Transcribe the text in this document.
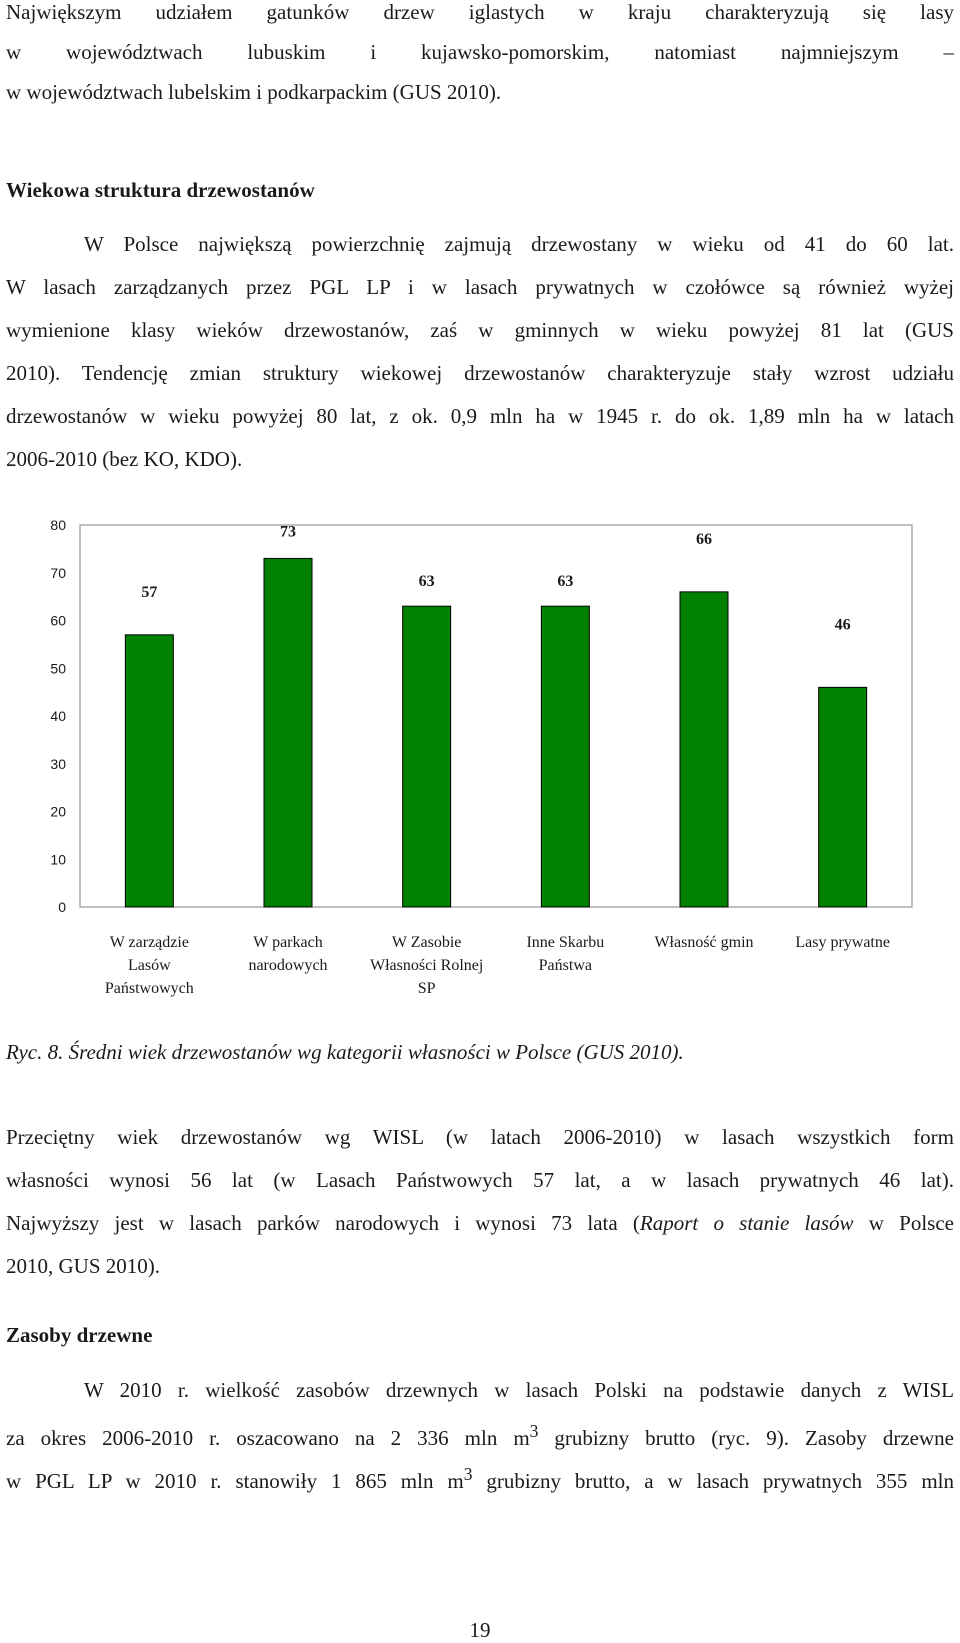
Największym udziałem gatunków drzew iglastych w kraju charakteryzują się lasy

w województwach lubuskim i kujawsko-pomorskim, natomiast najmniejszym –

w województwach lubelskim i podkarpackim (GUS 2010).

Wiekowa struktura drzewostanów

W Polsce największą powierzchnię zajmują drzewostany w wieku od 41 do 60 lat.

W lasach zarządzanych przez PGL LP i w lasach prywatnych w czołówce są również wyżej

wymienione klasy wieków drzewostanów, zaś w gminnych w wieku powyżej 81 lat (GUS

2010). Tendencję zmian struktury wiekowej drzewostanów charakteryzuje stały wzrost udziału

drzewostanów w wieku powyżej 80 lat, z ok. 0,9 mln ha w 1945 r. do ok. 1,89 mln ha w latach

2006-2010 (bez KO, KDO).

0
10
20
30
40
50
60
70
80
57
W zarządzie
Lasów
Państwowych
73
W parkach
narodowych
63
W Zasobie
Własności Rolnej
SP
63
Inne Skarbu
Państwa
66
Własność gmin
46
Lasy prywatne

Ryc. 8. Średni wiek drzewostanów wg kategorii własności w Polsce (GUS 2010).

Przeciętny wiek drzewostanów wg WISL (w latach 2006-2010) w lasach wszystkich form

własności wynosi 56 lat (w Lasach Państwowych 57 lat, a w lasach prywatnych 46 lat).

Najwyższy jest w lasach parków narodowych i wynosi 73 lata (Raport o stanie lasów w Polsce

2010, GUS 2010).

Zasoby drzewne

W 2010 r. wielkość zasobów drzewnych w lasach Polski na podstawie danych z WISL

za okres 2006-2010 r. oszacowano na 2 336 mln $m^3$ grubizny brutto (ryc. 9). Zasoby drzewne

w PGL LP w 2010 r. stanowiły 1 865 mln $m^3$ grubizny brutto, a w lasach prywatnych 355 mln

19
